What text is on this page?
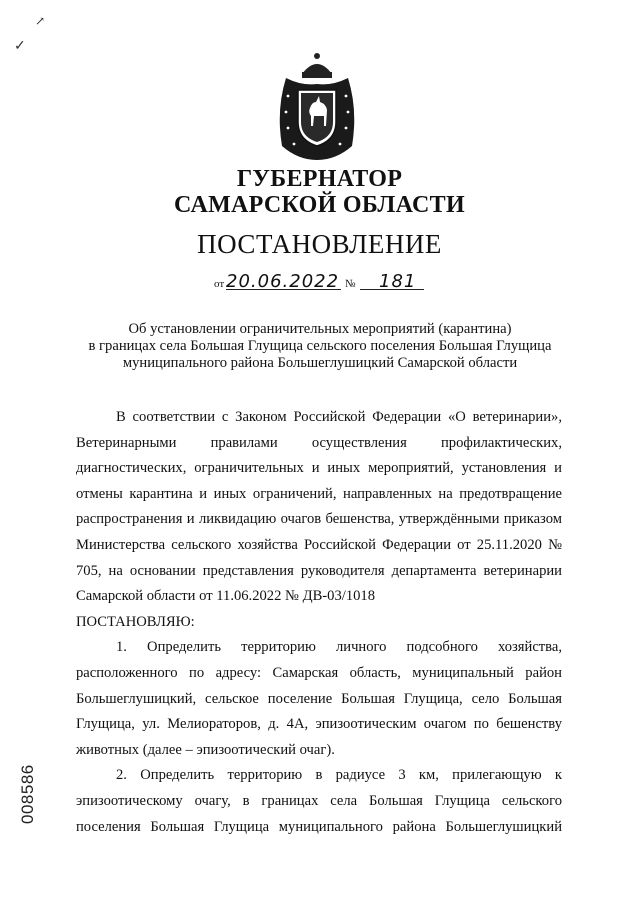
↗
✓
ГУБЕРНАТОР
САМАРСКОЙ ОБЛАСТИ
ПОСТАНОВЛЕНИЕ
от 20.06.2022 № 181
Об установлении ограничительных мероприятий (карантина)
в границах села Большая Глущица сельского поселения Большая Глущица
муниципального района Большеглушицкий Самарской области

В соответствии с Законом Российской Федерации «О ветеринарии», Ветеринарными правилами осуществления профилактических, диагностических, ограничительных и иных мероприятий, установления и отмены карантина и иных ограничений, направленных на предотвращение распространения и ликвидацию очагов бешенства, утверждёнными приказом Министерства сельского хозяйства Российской Федерации от 25.11.2020 № 705, на основании представления руководителя департамента ветеринарии Самарской области от 11.06.2022 № ДВ-03/1018

ПОСТАНОВЛЯЮ:

1. Определить территорию личного подсобного хозяйства, расположенного по адресу: Самарская область, муниципальный район Большеглушицкий, сельское поселение Большая Глущица, село Большая Глущица, ул. Мелиораторов, д. 4А, эпизоотическим очагом по бешенству животных (далее – эпизоотический очаг).

2. Определить территорию в радиусе 3 км, прилегающую к эпизоотическому очагу, в границах села Большая Глущица сельского поселения Большая Глущица муниципального района Большеглушицкий

008586
